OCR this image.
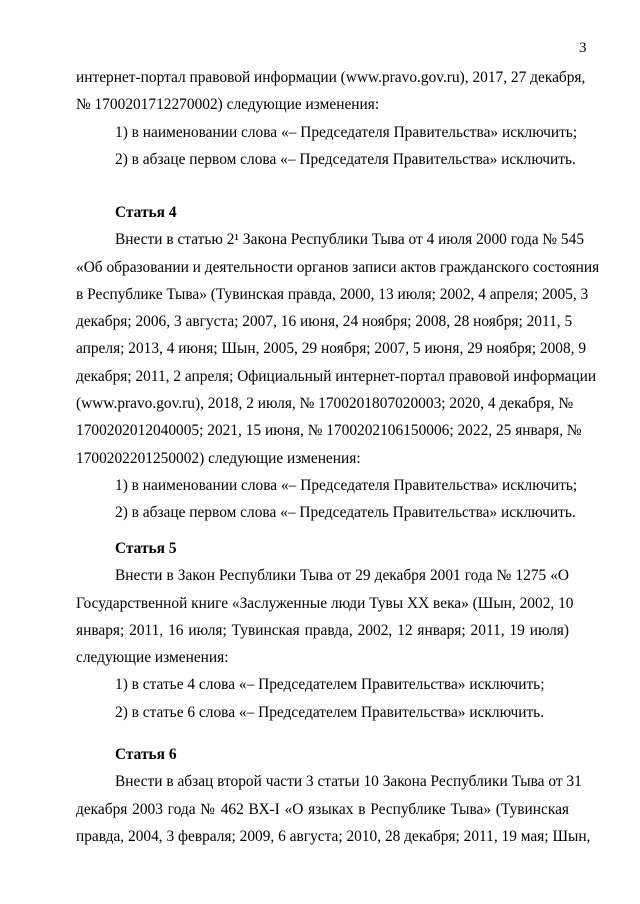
3
интернет-портал правовой информации (www.pravo.gov.ru), 2017, 27 декабря,
№ 1700201712270002) следующие изменения:
1) в наименовании слова «– Председателя Правительства» исключить;
2) в абзаце первом слова «– Председателя Правительства» исключить.
Статья 4
Внести в статью 2¹ Закона Республики Тыва от 4 июля 2000 года № 545
«Об образовании и деятельности органов записи актов гражданского состояния
в Республике Тыва» (Тувинская правда, 2000, 13 июля; 2002, 4 апреля; 2005, 3
декабря; 2006, 3 августа; 2007, 16 июня, 24 ноября; 2008, 28 ноября; 2011, 5
апреля; 2013, 4 июня; Шын, 2005, 29 ноября; 2007, 5 июня, 29 ноября; 2008, 9
декабря; 2011, 2 апреля; Официальный интернет-портал правовой информации
(www.pravo.gov.ru), 2018, 2 июля, № 1700201807020003; 2020, 4 декабря, №
1700202012040005; 2021, 15 июня, № 1700202106150006; 2022, 25 января, №
1700202201250002) следующие изменения:
1) в наименовании слова «– Председателя Правительства» исключить;
2) в абзаце первом слова «– Председатель Правительства» исключить.
Статья 5
Внести в Закон Республики Тыва от 29 декабря 2001 года № 1275 «О
Государственной книге «Заслуженные люди Тувы XX века» (Шын, 2002, 10
января; 2011, 16 июля; Тувинская правда, 2002, 12 января; 2011, 19 июля)
следующие изменения:
1) в статье 4 слова «– Председателем Правительства» исключить;
2) в статье 6 слова «– Председателем Правительства» исключить.
Статья 6
Внести в абзац второй части 3 статьи 10 Закона Республики Тыва от 31
декабря 2003 года № 462 ВХ-I «О языках в Республике Тыва» (Тувинская
правда, 2004, 3 февраля; 2009, 6 августа; 2010, 28 декабря; 2011, 19 мая; Шын,
